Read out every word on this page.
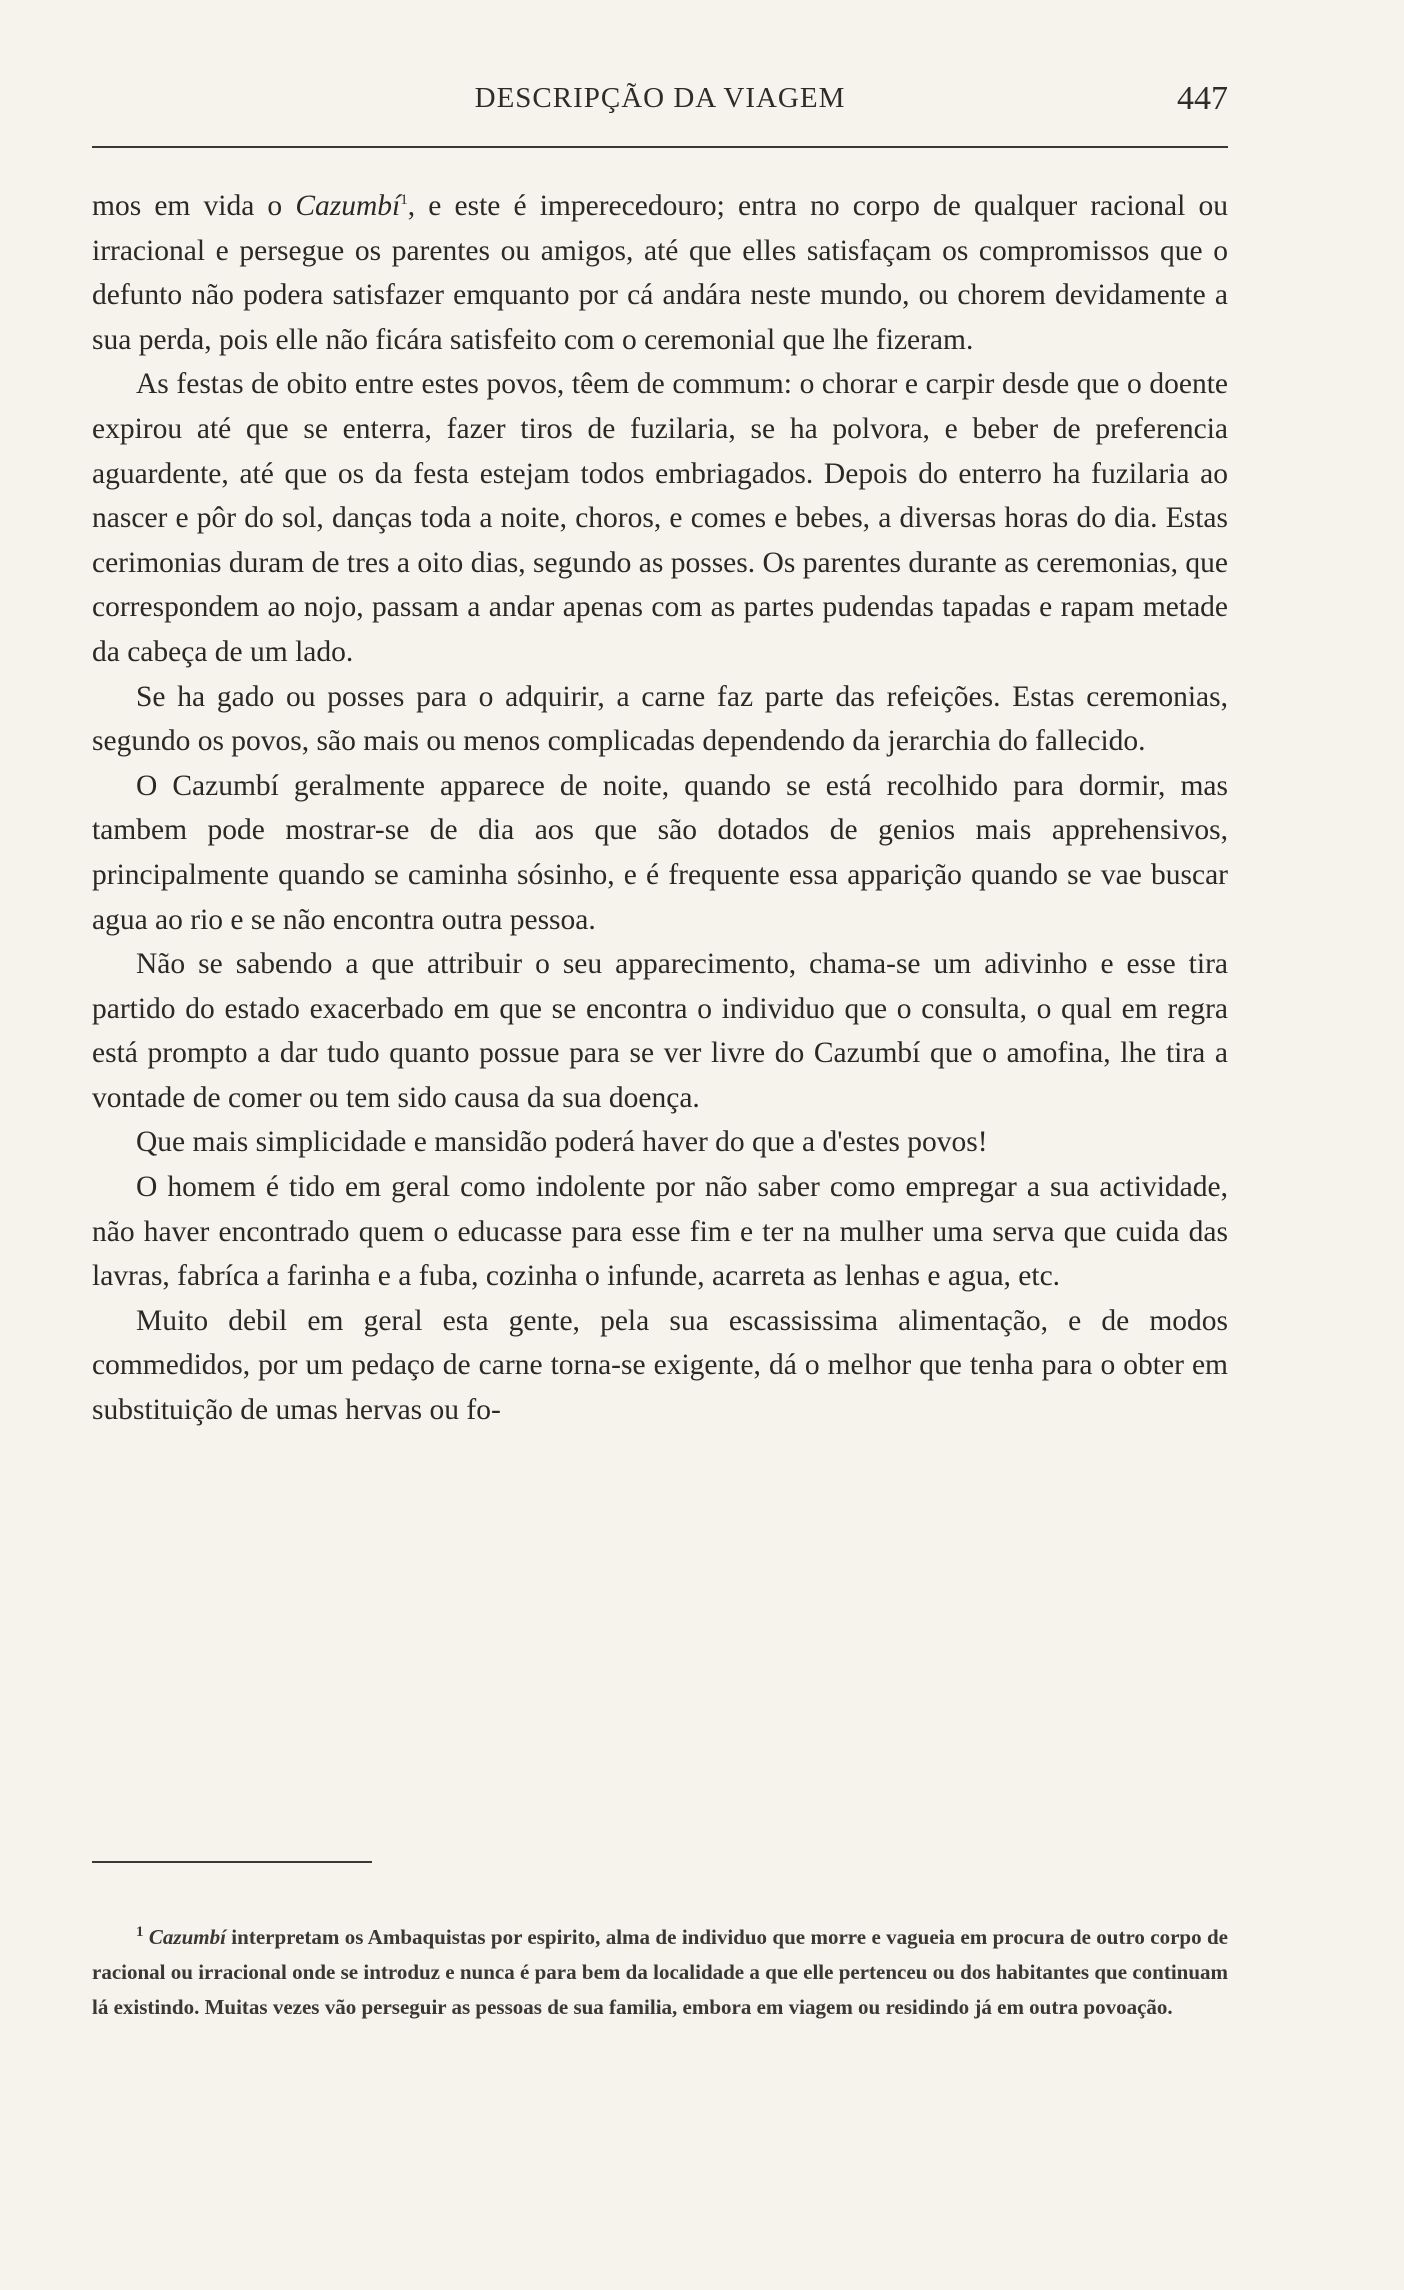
DESCRIPÇÃO DA VIAGEM	447

mos em vida o Cazumbí$^1$, e este é imperecedouro; entra no corpo de qualquer racional ou irracional e persegue os parentes ou amigos, até que elles satisfaçam os compromissos que o defunto não podera satisfazer emquanto por cá andára neste mundo, ou chorem devidamente a sua perda, pois elle não ficára satisfeito com o ceremonial que lhe fizeram.

As festas de obito entre estes povos, têem de commum: o chorar e carpir desde que o doente expirou até que se enterra, fazer tiros de fuzilaria, se ha polvora, e beber de preferencia aguardente, até que os da festa estejam todos embriagados. Depois do enterro ha fuzilaria ao nascer e pôr do sol, danças toda a noite, choros, e comes e bebes, a diversas horas do dia. Estas cerimonias duram de tres a oito dias, segundo as posses. Os parentes durante as ceremonias, que correspondem ao nojo, passam a andar apenas com as partes pudendas tapadas e rapam metade da cabeça de um lado.

Se ha gado ou posses para o adquirir, a carne faz parte das refeições. Estas ceremonias, segundo os povos, são mais ou menos complicadas dependendo da jerarchia do fallecido.

O Cazumbí geralmente apparece de noite, quando se está recolhido para dormir, mas tambem pode mostrar-se de dia aos que são dotados de genios mais apprehensivos, principalmente quando se caminha sósinho, e é frequente essa apparição quando se vae buscar agua ao rio e se não encontra outra pessoa.

Não se sabendo a que attribuir o seu apparecimento, chama-se um adivinho e esse tira partido do estado exacerbado em que se encontra o individuo que o consulta, o qual em regra está prompto a dar tudo quanto possue para se ver livre do Cazumbí que o amofina, lhe tira a vontade de comer ou tem sido causa da sua doença.

Que mais simplicidade e mansidão poderá haver do que a d'estes povos!

O homem é tido em geral como indolente por não saber como empregar a sua actividade, não haver encontrado quem o educasse para esse fim e ter na mulher uma serva que cuida das lavras, fabríca a farinha e a fuba, cozinha o infunde, acarreta as lenhas e agua, etc.

Muito debil em geral esta gente, pela sua escassissima alimentação, e de modos commedidos, por um pedaço de carne torna-se exigente, dá o melhor que tenha para o obter em substituição de umas hervas ou fo-

$^1$ Cazumbí interpretam os Ambaquistas por espirito, alma de individuo que morre e vagueia em procura de outro corpo de racional ou irracional onde se introduz e nunca é para bem da localidade a que elle pertenceu ou dos habitantes que continuam lá existindo. Muitas vezes vão perseguir as pessoas de sua familia, embora em viagem ou residindo já em outra povoação.
